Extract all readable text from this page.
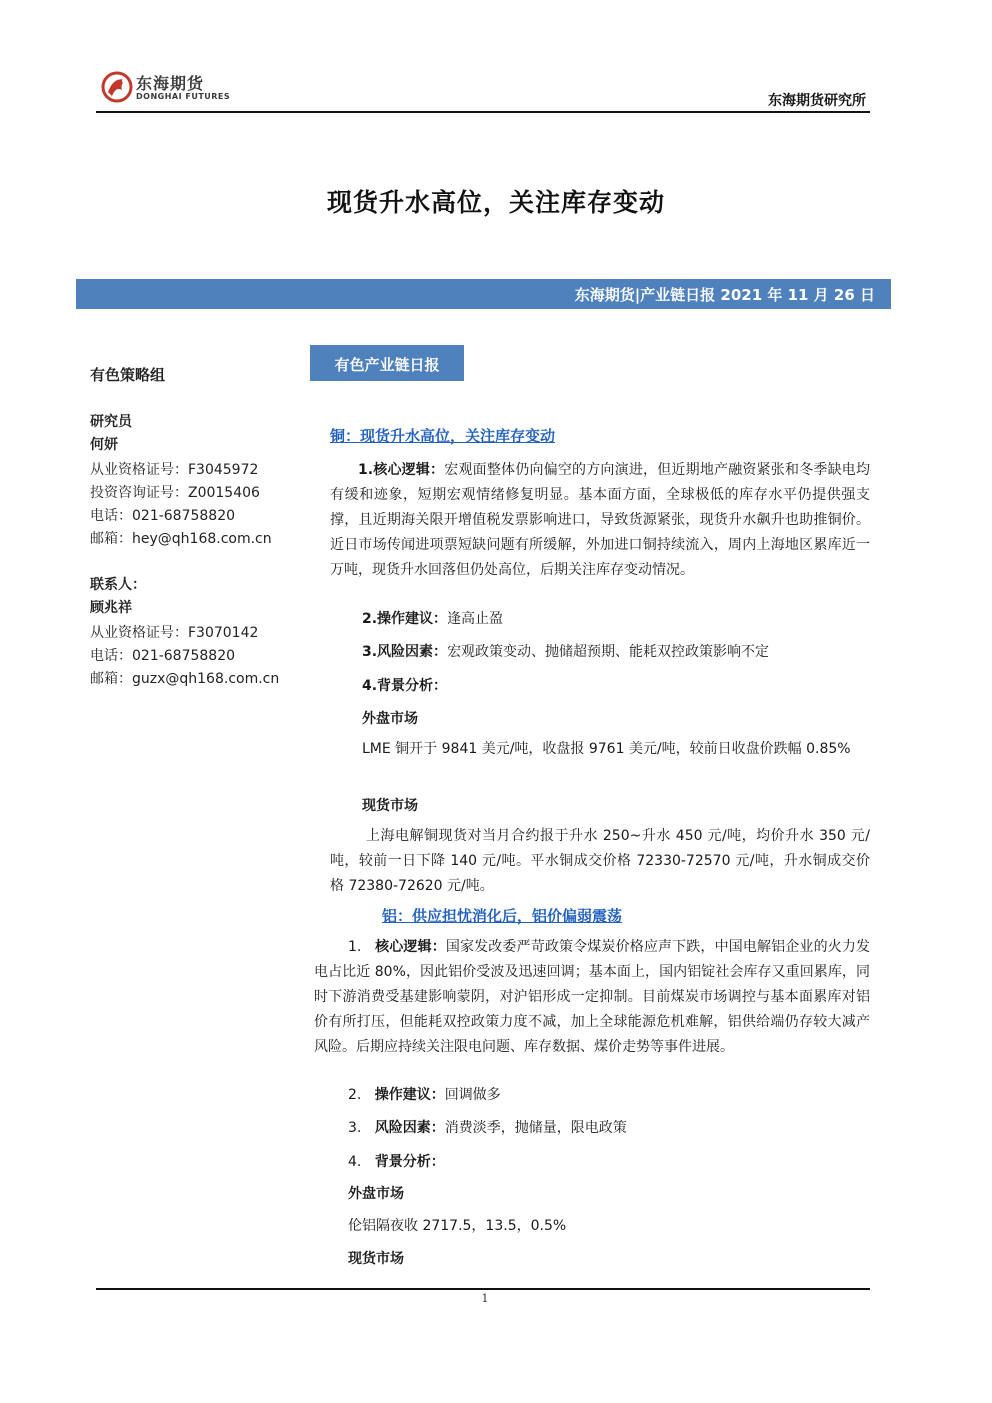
东海期货
DONGHAI FUTURES	东海期货研究所
现货升水高位，关注库存变动
东海期货|产业链日报 2021 年 11 月 26 日
有色策略组
研究员
何妍
从业资格证号：F3045972
投资咨询证号：Z0015406
电话：021-68758820
邮箱：hey@qh168.com.cn
联系人：
顾兆祥
从业资格证号：F3070142
电话：021-68758820
邮箱：guzx@qh168.com.cn
有色产业链日报
铜：现货升水高位，关注库存变动
1.核心逻辑：宏观面整体仍向偏空的方向演进，但近期地产融资紧张和冬季缺电均有缓和迹象，短期宏观情绪修复明显。基本面方面，全球极低的库存水平仍提供强支撑，且近期海关限开增值税发票影响进口，导致货源紧张，现货升水飙升也助推铜价。近日市场传闻进项票短缺问题有所缓解，外加进口铜持续流入，周内上海地区累库近一万吨，现货升水回落但仍处高位，后期关注库存变动情况。
2.操作建议：逢高止盈
3.风险因素：宏观政策变动、抛储超预期、能耗双控政策影响不定
4.背景分析：
外盘市场
LME 铜开于 9841 美元/吨，收盘报 9761 美元/吨，较前日收盘价跌幅 0.85%
现货市场
上海电解铜现货对当月合约报于升水 250~升水 450 元/吨，均价升水 350 元/吨，较前一日下降 140 元/吨。平水铜成交价格 72330-72570 元/吨，升水铜成交价格 72380-72620 元/吨。
铝：供应担忧消化后，铝价偏弱震荡
1. 核心逻辑：国家发改委严苛政策令煤炭价格应声下跌，中国电解铝企业的火力发电占比近 80%，因此铝价受波及迅速回调；基本面上，国内铝锭社会库存又重回累库，同时下游消费受基建影响蒙阴，对沪铝形成一定抑制。目前煤炭市场调控与基本面累库对铝价有所打压，但能耗双控政策力度不减，加上全球能源危机难解，铝供给端仍存较大减产风险。后期应持续关注限电问题、库存数据、煤价走势等事件进展。
2. 操作建议：回调做多
3. 风险因素：消费淡季，抛储量，限电政策
4. 背景分析：
外盘市场
伦铝隔夜收 2717.5，13.5，0.5%
现货市场
1
